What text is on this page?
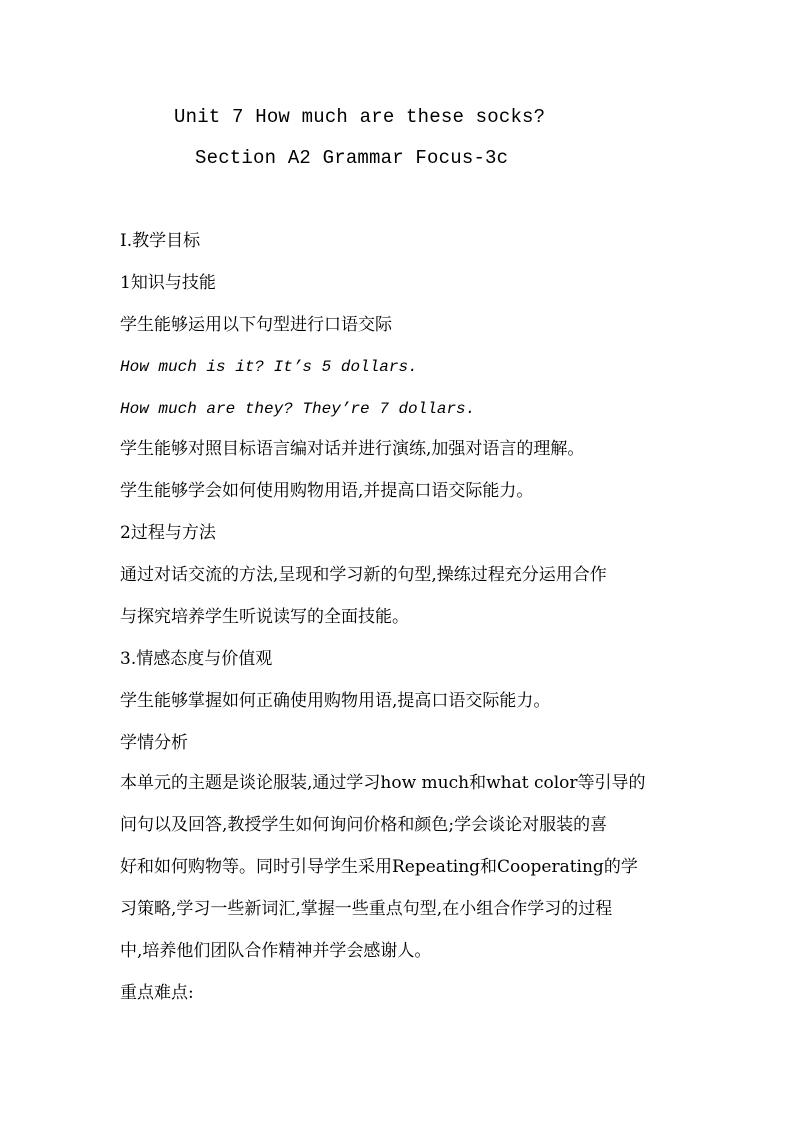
Unit 7 How much are these socks?
Section A2 Grammar Focus-3c
I.教学目标
1知识与技能
学生能够运用以下句型进行口语交际
How much is it? It’s 5 dollars.
How much are they? They’re 7 dollars.
学生能够对照目标语言编对话并进行演练,加强对语言的理解。
学生能够学会如何使用购物用语,并提高口语交际能力。
2过程与方法
通过对话交流的方法,呈现和学习新的句型,操练过程充分运用合作
与探究培养学生听说读写的全面技能。
3.情感态度与价值观
学生能够掌握如何正确使用购物用语,提高口语交际能力。
学情分析
本单元的主题是谈论服装,通过学习how much和what color等引导的
问句以及回答,教授学生如何询问价格和颜色;学会谈论对服装的喜
好和如何购物等。同时引导学生采用Repeating和Cooperating的学
习策略,学习一些新词汇,掌握一些重点句型,在小组合作学习的过程
中,培养他们团队合作精神并学会感谢人。
重点难点:
